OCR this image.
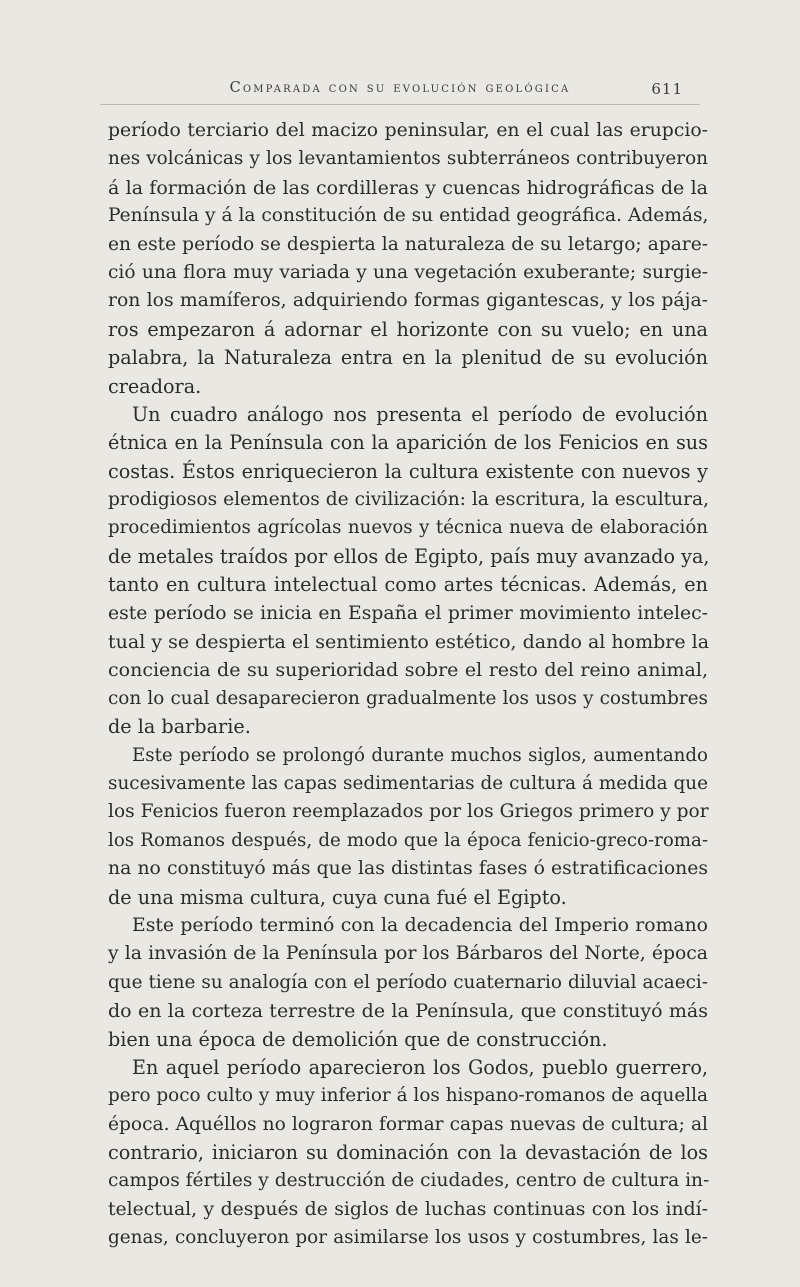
Comparada con su evolución geológica	611
período terciario del macizo peninsular, en el cual las erupcio-
nes volcánicas y los levantamientos subterráneos contribuyeron
á la formación de las cordilleras y cuencas hidrográficas de la
Península y á la constitución de su entidad geográfica. Además,
en este período se despierta la naturaleza de su letargo; apare-
ció una flora muy variada y una vegetación exuberante; surgie-
ron los mamíferos, adquiriendo formas gigantescas, y los pája-
ros empezaron á adornar el horizonte con su vuelo; en una
palabra, la Naturaleza entra en la plenitud de su evolución
creadora.
Un cuadro análogo nos presenta el período de evolución
étnica en la Península con la aparición de los Fenicios en sus
costas. Éstos enriquecieron la cultura existente con nuevos y
prodigiosos elementos de civilización: la escritura, la escultura,
procedimientos agrícolas nuevos y técnica nueva de elaboración
de metales traídos por ellos de Egipto, país muy avanzado ya,
tanto en cultura intelectual como artes técnicas. Además, en
este período se inicia en España el primer movimiento intelec-
tual y se despierta el sentimiento estético, dando al hombre la
conciencia de su superioridad sobre el resto del reino animal,
con lo cual desaparecieron gradualmente los usos y costumbres
de la barbarie.
Este período se prolongó durante muchos siglos, aumentando
sucesivamente las capas sedimentarias de cultura á medida que
los Fenicios fueron reemplazados por los Griegos primero y por
los Romanos después, de modo que la época fenicio-greco-roma-
na no constituyó más que las distintas fases ó estratificaciones
de una misma cultura, cuya cuna fué el Egipto.
Este período terminó con la decadencia del Imperio romano
y la invasión de la Península por los Bárbaros del Norte, época
que tiene su analogía con el período cuaternario diluvial acaeci-
do en la corteza terrestre de la Península, que constituyó más
bien una época de demolición que de construcción.
En aquel período aparecieron los Godos, pueblo guerrero,
pero poco culto y muy inferior á los hispano-romanos de aquella
época. Aquéllos no lograron formar capas nuevas de cultura; al
contrario, iniciaron su dominación con la devastación de los
campos fértiles y destrucción de ciudades, centro de cultura in-
telectual, y después de siglos de luchas continuas con los indí-
genas, concluyeron por asimilarse los usos y costumbres, las le-
